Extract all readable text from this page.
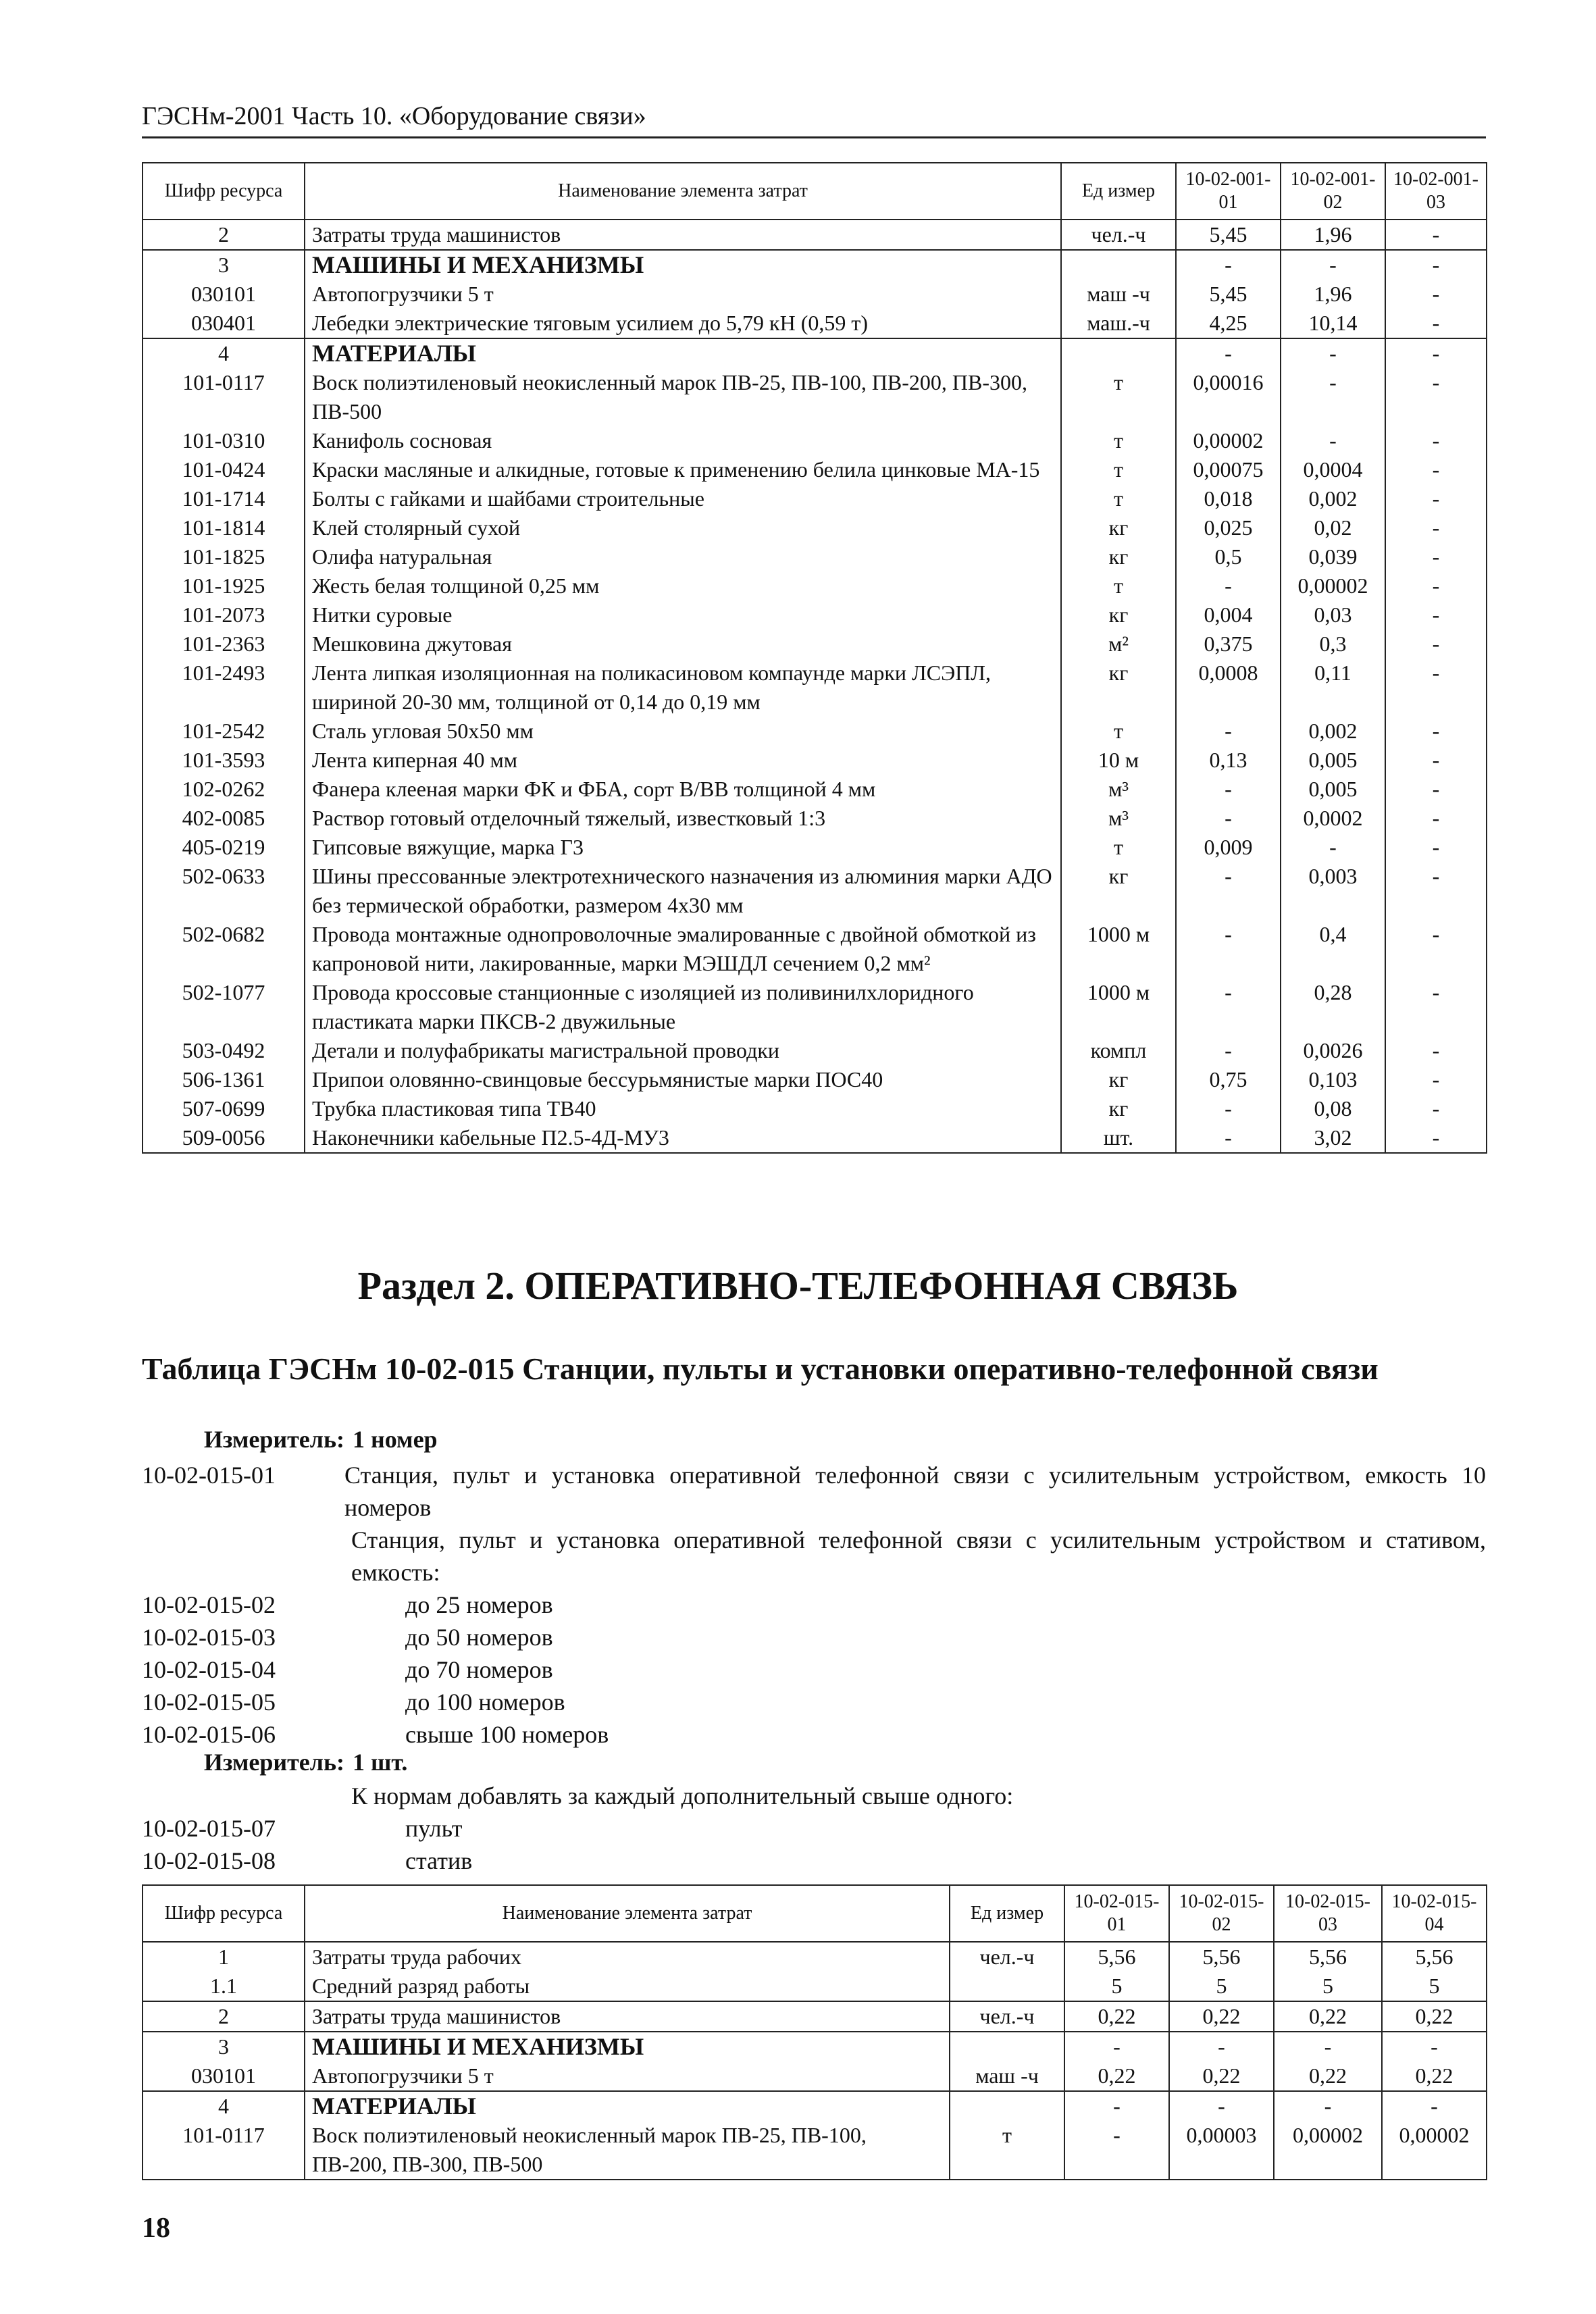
ГЭСНм-2001 Часть 10. «Оборудование связи»
Шифр ресурса	Наименование элемента затрат	Ед измер	10-02-001-01	10-02-001-02	10-02-001-03
2	Затраты труда машинистов	чел.-ч	5,45	1,96	-
3	МАШИНЫ И МЕХАНИЗМЫ		-	-	-
030101	Автопогрузчики 5 т	маш -ч	5,45	1,96	-
030401	Лебедки электрические тяговым усилием до 5,79 кН (0,59 т)	маш.-ч	4,25	10,14	-
4	МАТЕРИАЛЫ		-	-	-
101-0117	Воск полиэтиленовый неокисленный марок ПВ-25, ПВ-100, ПВ-200, ПВ-300, ПВ-500	т	0,00016	-	-
101-0310	Канифоль сосновая	т	0,00002	-	-
101-0424	Краски масляные и алкидные, готовые к применению белила цинковые МА-15	т	0,00075	0,0004	-
101-1714	Болты с гайками и шайбами строительные	т	0,018	0,002	-
101-1814	Клей столярный сухой	кг	0,025	0,02	-
101-1825	Олифа натуральная	кг	0,5	0,039	-
101-1925	Жесть белая толщиной 0,25 мм	т	-	0,00002	-
101-2073	Нитки суровые	кг	0,004	0,03	-
101-2363	Мешковина джутовая	м²	0,375	0,3	-
101-2493	Лента липкая изоляционная на поликасиновом компаунде марки ЛСЭПЛ, шириной 20-30 мм, толщиной от 0,14 до 0,19 мм	кг	0,0008	0,11	-
101-2542	Сталь угловая 50х50 мм	т	-	0,002	-
101-3593	Лента киперная 40 мм	10 м	0,13	0,005	-
102-0262	Фанера клееная марки ФК и ФБА, сорт В/ВВ толщиной 4 мм	м³	-	0,005	-
402-0085	Раствор готовый отделочный тяжелый, известковый 1:3	м³	-	0,0002	-
405-0219	Гипсовые вяжущие, марка Г3	т	0,009	-	-
502-0633	Шины прессованные электротехнического назначения из алюминия марки АДО без термической обработки, размером 4х30 мм	кг	-	0,003	-
502-0682	Провода монтажные однопроволочные эмалированные с двойной обмоткой из капроновой нити, лакированные, марки МЭШДЛ сечением 0,2 мм²	1000 м	-	0,4	-
502-1077	Провода кроссовые станционные с изоляцией из поливинилхлоридного пластиката марки ПКСВ-2 двужильные	1000 м	-	0,28	-
503-0492	Детали и полуфабрикаты магистральной проводки	компл	-	0,0026	-
506-1361	Припои оловянно-свинцовые бессурьмянистые марки ПОС40	кг	0,75	0,103	-
507-0699	Трубка пластиковая типа ТВ40	кг	-	0,08	-
509-0056	Наконечники кабельные П2.5-4Д-МУ3	шт.	-	3,02	-
Раздел 2. ОПЕРАТИВНО-ТЕЛЕФОННАЯ СВЯЗЬ
Таблица ГЭСНм 10-02-015 Станции, пульты и установки оперативно-телефонной связи
Измеритель: 1 номер
10-02-015-01	Станция, пульт и установка оперативной телефонной связи с усилительным устройством, емкость 10 номеров
Станция, пульт и установка оперативной телефонной связи с усилительным устройством и стативом, емкость:
10-02-015-02	до 25 номеров
10-02-015-03	до 50 номеров
10-02-015-04	до 70 номеров
10-02-015-05	до 100 номеров
10-02-015-06	свыше 100 номеров
Измеритель: 1 шт.
К нормам добавлять за каждый дополнительный свыше одного:
10-02-015-07	пульт
10-02-015-08	статив
Шифр ресурса	Наименование элемента затрат	Ед измер	10-02-015-01	10-02-015-02	10-02-015-03	10-02-015-04
1	Затраты труда рабочих	чел.-ч	5,56	5,56	5,56	5,56
1.1	Средний разряд работы		5	5	5	5
2	Затраты труда машинистов	чел.-ч	0,22	0,22	0,22	0,22
3	МАШИНЫ И МЕХАНИЗМЫ		-	-	-	-
030101	Автопогрузчики 5 т	маш -ч	0,22	0,22	0,22	0,22
4	МАТЕРИАЛЫ		-	-	-	-
101-0117	Воск полиэтиленовый неокисленный марок ПВ-25, ПВ-100, ПВ-200, ПВ-300, ПВ-500	т	-	0,00003	0,00002	0,00002
18
